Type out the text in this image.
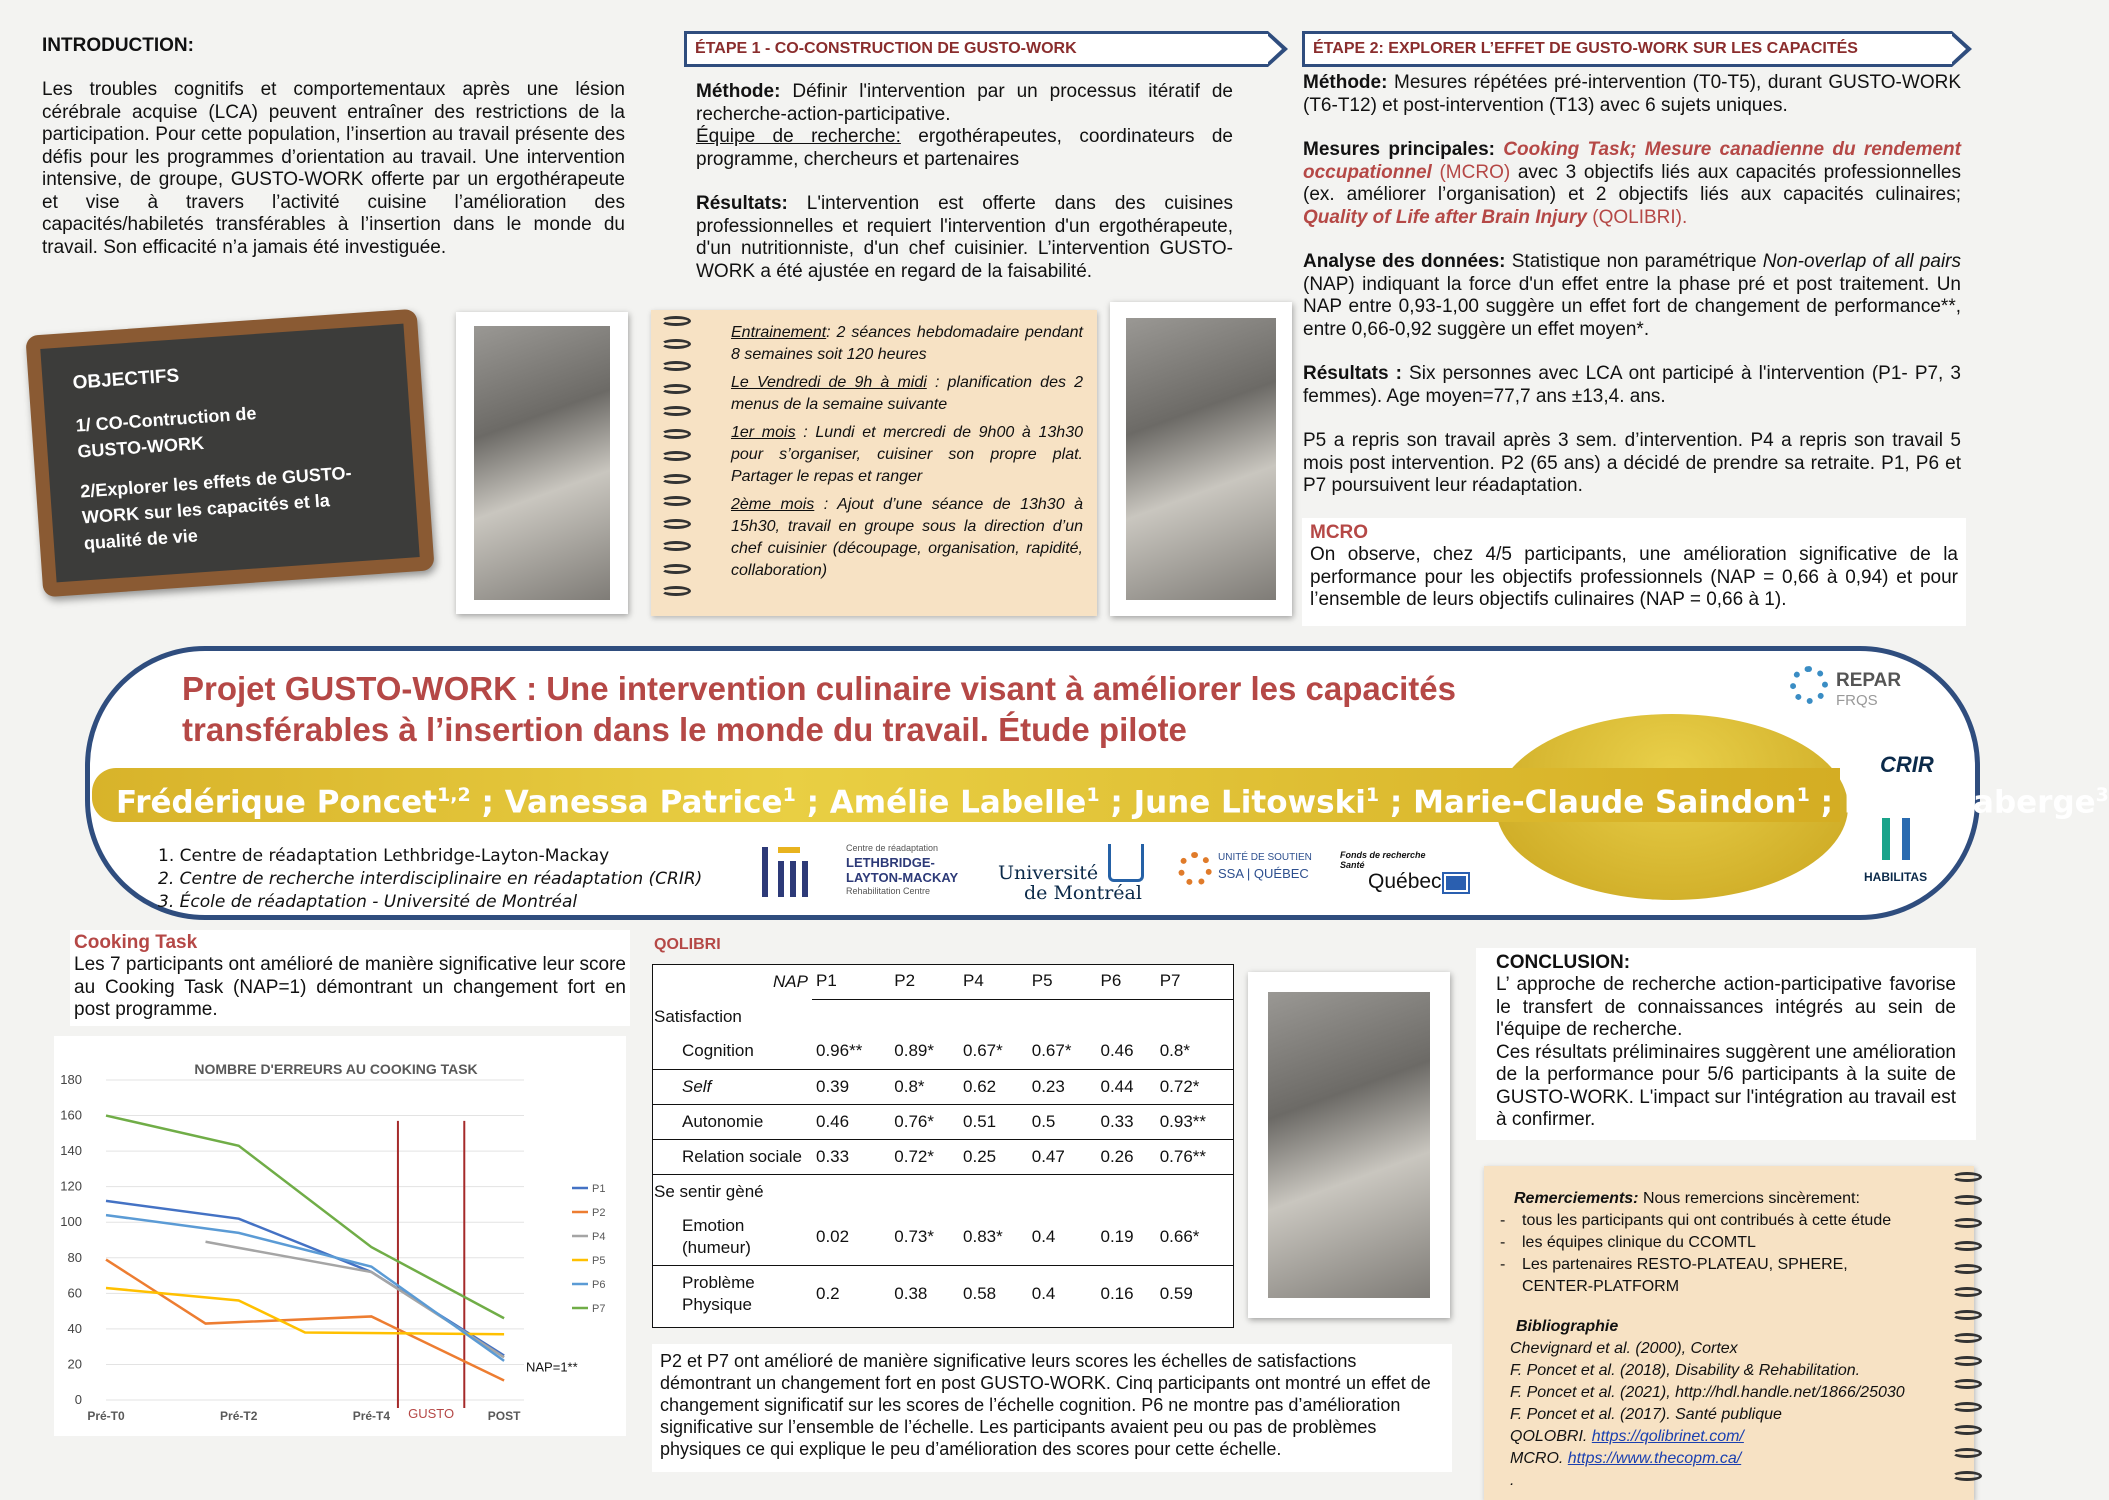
INTRODUCTION:
Les troubles cognitifs et comportementaux après une lésion cérébrale acquise (LCA) peuvent entraîner des restrictions de la participation. Pour cette population, l’insertion au travail présente des défis pour les programmes d’orientation au travail. Une intervention intensive, de groupe, GUSTO-WORK offerte par un ergothérapeute et vise à travers l’activité cuisine l’amélioration des capacités/habiletés transférables à l’insertion dans le monde du travail. Son efficacité n’a jamais été investiguée.
OBJECTIFS
1/ CO-Contruction de GUSTO-WORK
2/Explorer les effets de GUSTO-WORK sur les capacités et la qualité de vie
ÉTAPE 1 - CO-CONSTRUCTION DE GUSTO-WORK

Méthode: Définir l'intervention par un processus itératif de recherche-action-participative.

Équipe de recherche: ergothérapeutes, coordinateurs de programme, chercheurs et partenaires

Résultats: L'intervention est offerte dans des cuisines professionnelles et requiert l'intervention d'un ergothérapeute, d'un nutritionniste, d'un chef cuisinier. L’intervention GUSTO-WORK a été ajustée en regard de la faisabilité.

Entrainement: 2 séances hebdomadaire pendant 8 semaines soit 120 heures

Le Vendredi de 9h à midi : planification des 2 menus de la semaine suivante

1er mois : Lundi et mercredi de 9h00 à 13h30 pour s’organiser, cuisiner son propre plat. Partager le repas et ranger

2ème mois : Ajout d’une séance de 13h30 à 15h30, travail en groupe sous la direction d’un chef cuisinier (découpage, organisation, rapidité, collaboration)

ÉTAPE 2: EXPLORER L’EFFET DE GUSTO-WORK SUR LES CAPACITÉS

Méthode: Mesures répétées pré-intervention (T0-T5), durant GUSTO-WORK (T6-T12) et post-intervention (T13) avec 6 sujets uniques.

Mesures principales: Cooking Task; Mesure canadienne du rendement occupationnel (MCRO) avec 3 objectifs liés aux capacités professionnelles (ex. améliorer l’organisation) et 2 objectifs liés aux capacités culinaires; Quality of Life after Brain Injury (QOLIBRI).

Analyse des données: Statistique non paramétrique Non-overlap of all pairs (NAP) indiquant la force d'un effet entre la phase pré et post traitement. Un NAP entre 0,93-1,00 suggère un effet fort de changement de performance**, entre 0,66-0,92 suggère un effet moyen*.

Résultats : Six personnes avec LCA ont participé à l'intervention (P1- P7, 3 femmes). Age moyen=77,7 ans ±13,4. ans.

P5 a repris son travail après 3 sem. d’intervention. P4 a repris son travail 5 mois post intervention. P2 (65 ans) a décidé de prendre sa retraite. P1, P6 et P7 poursuivent leur réadaptation.

MCRO
On observe, chez 4/5 participants, une amélioration significative de la performance pour les objectifs professionnels (NAP = 0,66 à 0,94) et pour l’ensemble de leurs objectifs culinaires (NAP = 0,66 à 1).
Projet GUSTO-WORK : Une intervention culinaire visant à améliorer les capacités
transférables à l’insertion dans le monde du travail. Étude pilote
Frédérique Poncet$^{1,2}$ ; Vanessa Patrice$^1$ ; Amélie Labelle$^1$ ; June Litowski$^1$ ; Marie-Claude Saindon$^1$ ; Marie Laberge$^3$
1. Centre de réadaptation Lethbridge-Layton-Mackay
2. Centre de recherche interdisciplinaire en réadaptation (CRIR)
3. École de réadaptation - Université de Montréal
Centre de réadaptation
LETHBRIDGE-
LAYTON-MACKAY
Rehabilitation Centre
Université
de Montréal
UNITÉ DE SOUTIEN
SSA | QUÉBEC
Fonds de recherche
Santé
Québec
REPAR
FRQS
CRIR
HABILITAS
Cooking Task
Les 7 participants ont amélioré de manière significative leur score au Cooking Task (NAP=1) démontrant un changement fort en post programme.
NOMBRE D'ERREURS AU COOKING TASK
0
20
40
60
80
100
120
140
160
180
Pré-T0	Pré-T2	Pré-T4	POST
GUSTO
NAP=1**
P1
P2
P4
P5
P6
P7
QOLIBRI
NAP	P1	P2	P4	P5	P6	P7
Satisfaction						
Cognition	0.96**	0.89*	0.67*	0.67*	0.46	0.8*
Self	0.39	0.8*	0.62	0.23	0.44	0.72*
Autonomie	0.46	0.76*	0.51	0.5	0.33	0.93**
Relation sociale	0.33	0.72*	0.25	0.47	0.26	0.76**
Se sentir gèné						
Emotion (humeur)	0.02	0.73*	0.83*	0.4	0.19	0.66*
Problème Physique	0.2	0.38	0.58	0.4	0.16	0.59
P2 et P7 ont amélioré de manière significative leurs scores les échelles de satisfactions démontrant un changement fort en post GUSTO-WORK. Cinq participants ont montré un effet de changement significatif sur les scores de l’échelle cognition. P6 ne montre pas d’amélioration significative sur l’ensemble de l’échelle. Les participants avaient peu ou pas de problèmes physiques ce qui explique le peu d’amélioration des scores pour cette échelle.
CONCLUSION:
L’ approche de recherche action-participative favorise le transfert de connaissances intégrés au sein de l'équipe de recherche.
Ces résultats préliminaires suggèrent une amélioration de la performance pour 5/6 participants à la suite de GUSTO-WORK. L'impact sur l'intégration au travail est à confirmer.

Remerciements: Nous remercions sincèrement:

-	tous les participants qui ont contribués à cette étude
-	les équipes clinique du CCOMTL
-	Les partenaires RESTO-PLATEAU, SPHERE, CENTER-PLATFORM
Bibliographie
Chevignard et al. (2000), Cortex
F. Poncet et al. (2018), Disability & Rehabilitation.
F. Poncet et al. (2021), http://hdl.handle.net/1866/25030
F. Poncet et al. (2017). Santé publique
QOLOBRI. https://qolibrinet.com/
MCRO. https://www.thecopm.ca/
.
